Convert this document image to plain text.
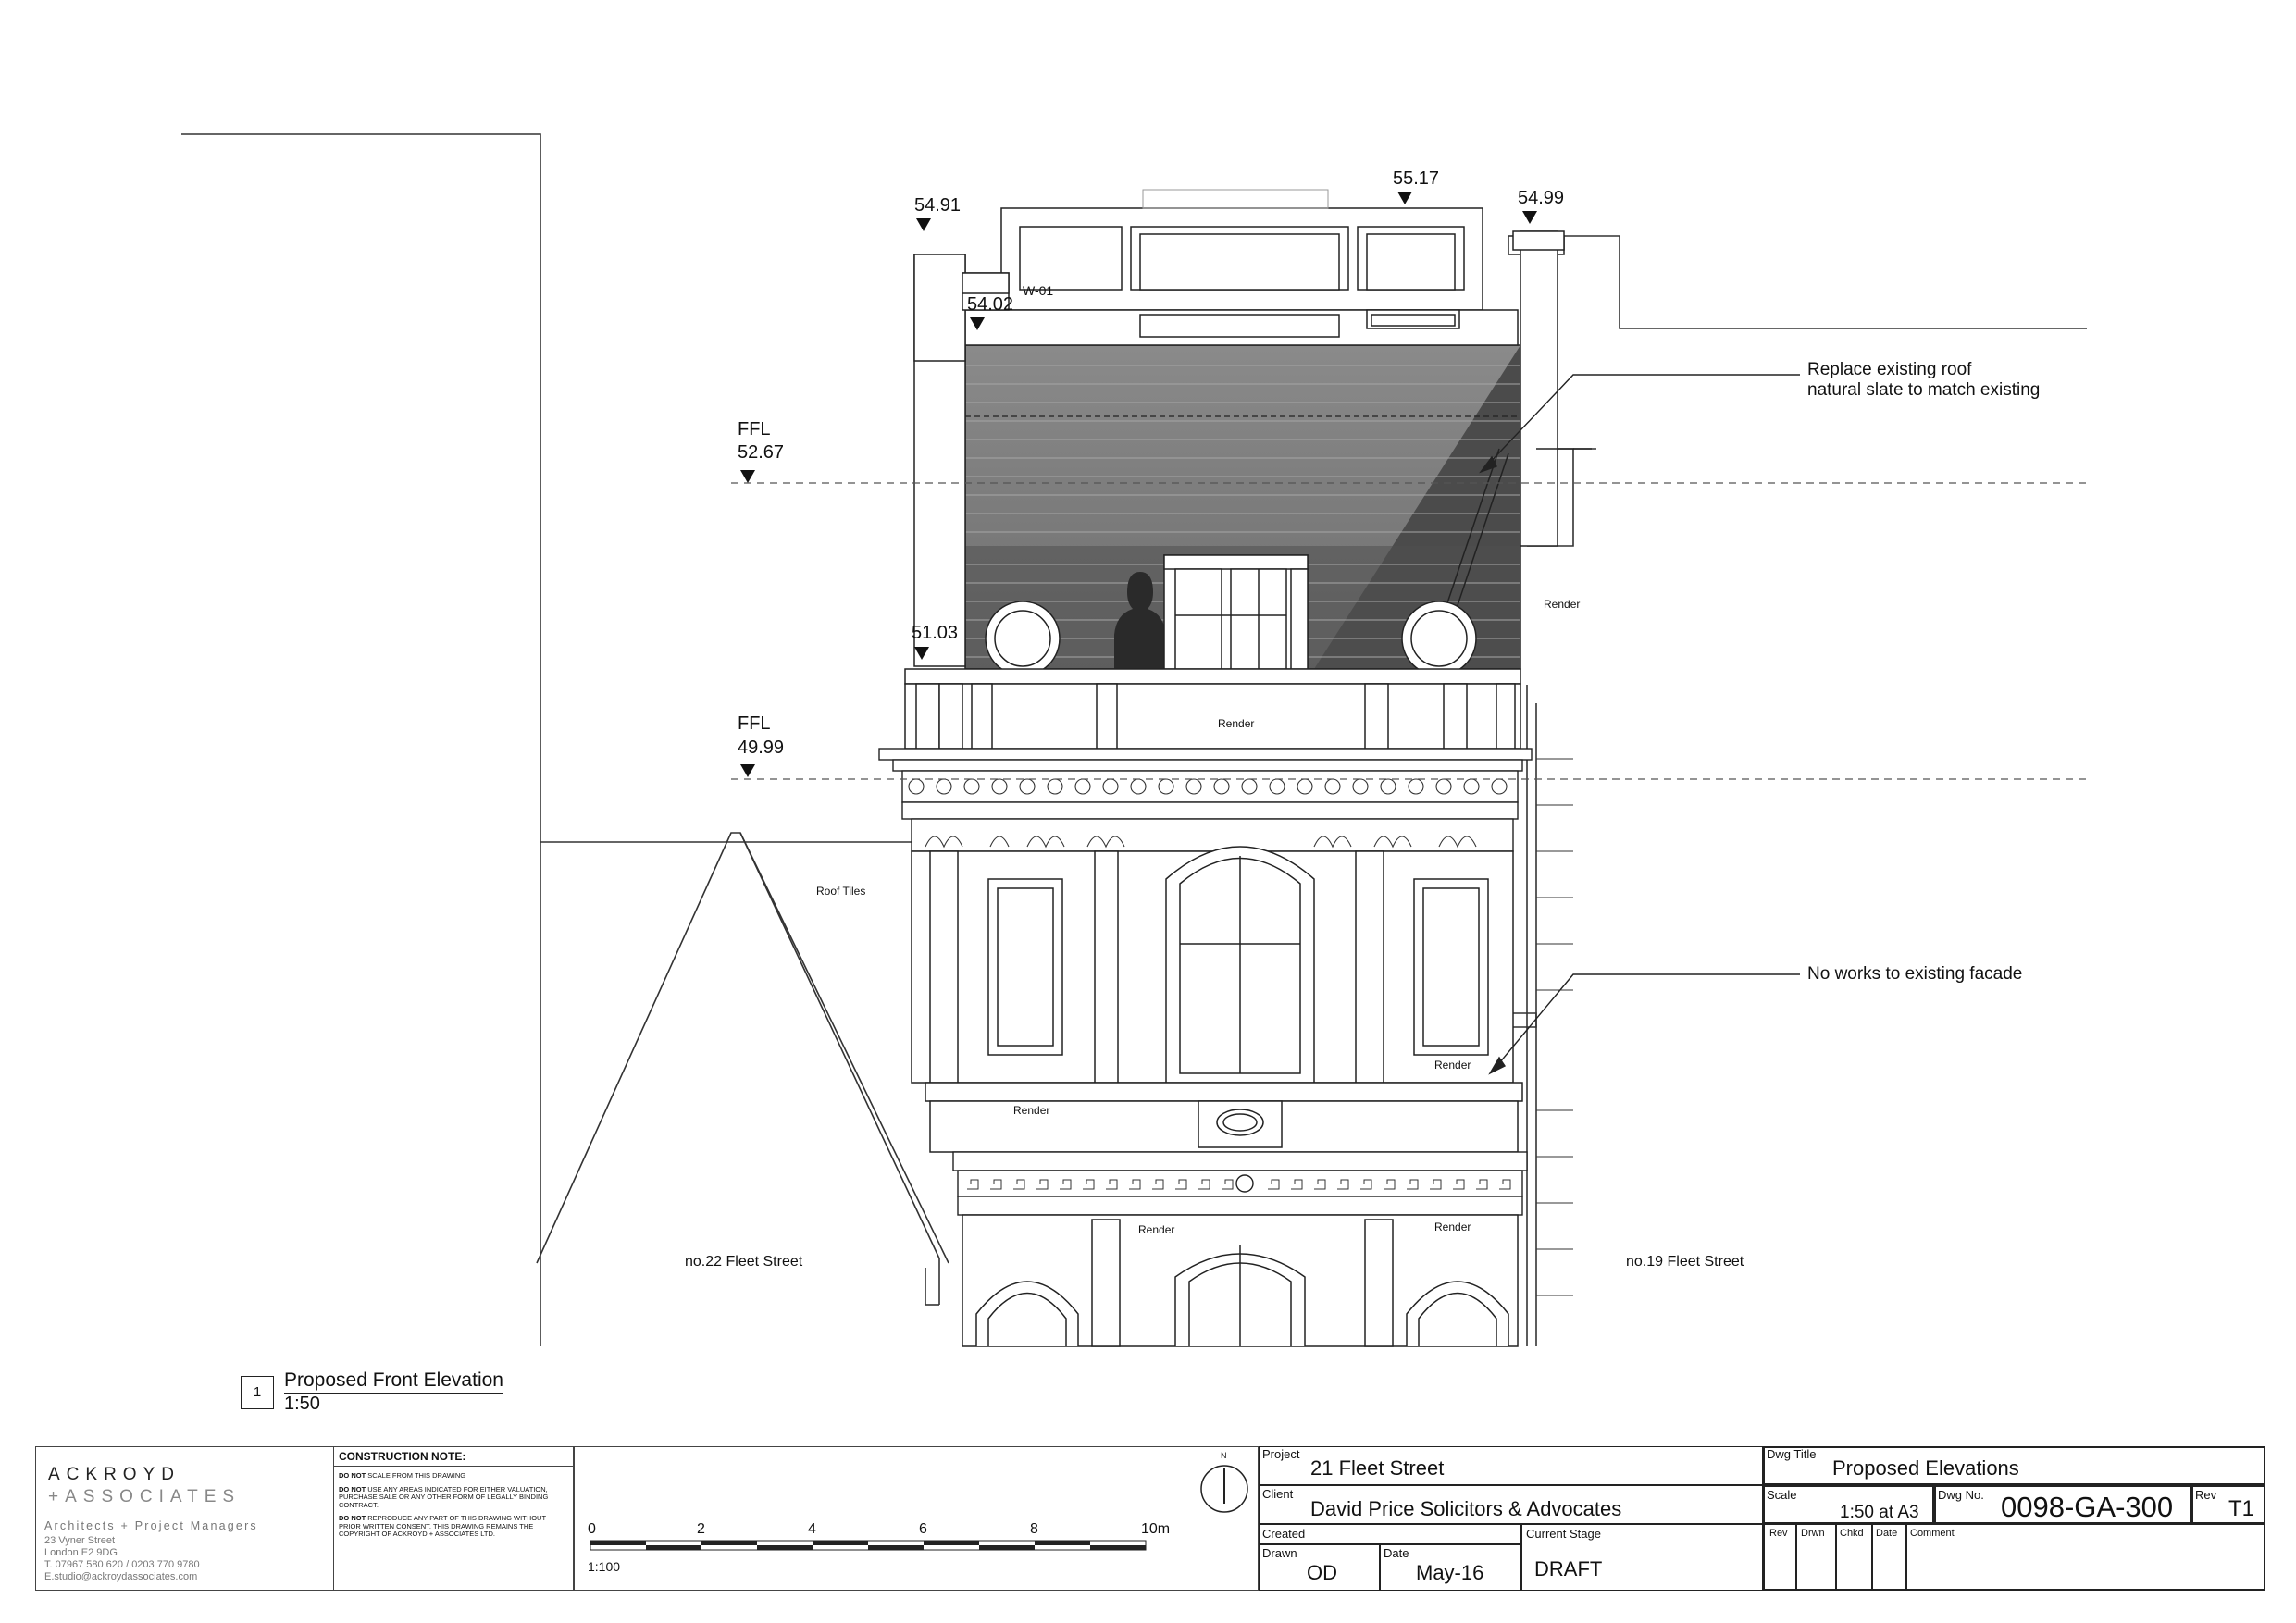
54.91
55.17
54.99
54.02
FFL
52.67
51.03
FFL
49.99
W-01
Replace existing roof
natural slate to match existing
No works to existing facade
Render
Render
Render
Render
Render	Render
Roof Tiles
no.22 Fleet Street	no.19 Fleet Street
1
Proposed Front Elevation
1:50
ACKROYD
+ASSOCIATES
Architects + Project Managers
23 Vyner Street
London E2 9DG
T. 07967 580 620 / 0203 770 9780
E.studio@ackroydassociates.com
CONSTRUCTION NOTE:

DO NOT SCALE FROM THIS DRAWING

DO NOT USE ANY AREAS INDICATED FOR EITHER VALUATION, PURCHASE SALE OR ANY OTHER FORM OF LEGALLY BINDING CONTRACT.

DO NOT REPRODUCE ANY PART OF THIS DRAWING WITHOUT PRIOR WRITTEN CONSENT. THIS DRAWING REMAINS THE COPYRIGHT OF ACKROYD + ASSOCIATES LTD.	0	2	4	6	8	10m
1:100
N	Project
21 Fleet Street
Client
David Price Solicitors & Advocates
Created
Drawn
OD
Date
May-16
Current Stage
DRAFT
Dwg Title
Proposed Elevations
Scale
1:50 at A3
Dwg No. 0098-GA-300 Rev
T1
Rev Drwn Chkd Date Comment
